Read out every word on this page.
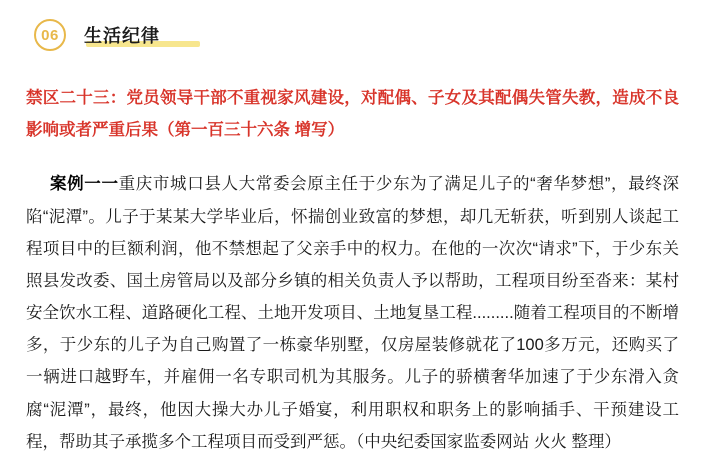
06	生活纪律

禁区二十三：党员领导干部不重视家风建设，对配偶、子女及其配偶失管失教，造成不良影响或者严重后果（第一百三十六条 增写）

案例一一重庆市城口县人大常委会原主任于少东为了满足儿子的“奢华梦想”，最终深陷“泥潭”。儿子于某某大学毕业后，怀揣创业致富的梦想，却几无斩获，听到别人谈起工程项目中的巨额利润，他不禁想起了父亲手中的权力。在他的一次次“请求”下，于少东关照县发改委、国土房管局以及部分乡镇的相关负责人予以帮助，工程项目纷至沓来：某村安全饮水工程、道路硬化工程、土地开发项目、土地复垦工程.........随着工程项目的不断增多，于少东的儿子为自己购置了一栋豪华别墅，仅房屋装修就花了100多万元，还购买了一辆进口越野车，并雇佣一名专职司机为其服务。儿子的骄横奢华加速了于少东滑入贪腐“泥潭”，最终，他因大操大办儿子婚宴，利用职权和职务上的影响插手、干预建设工程，帮助其子承揽多个工程项目而受到严惩。（中央纪委国家监委网站 火火 整理）
